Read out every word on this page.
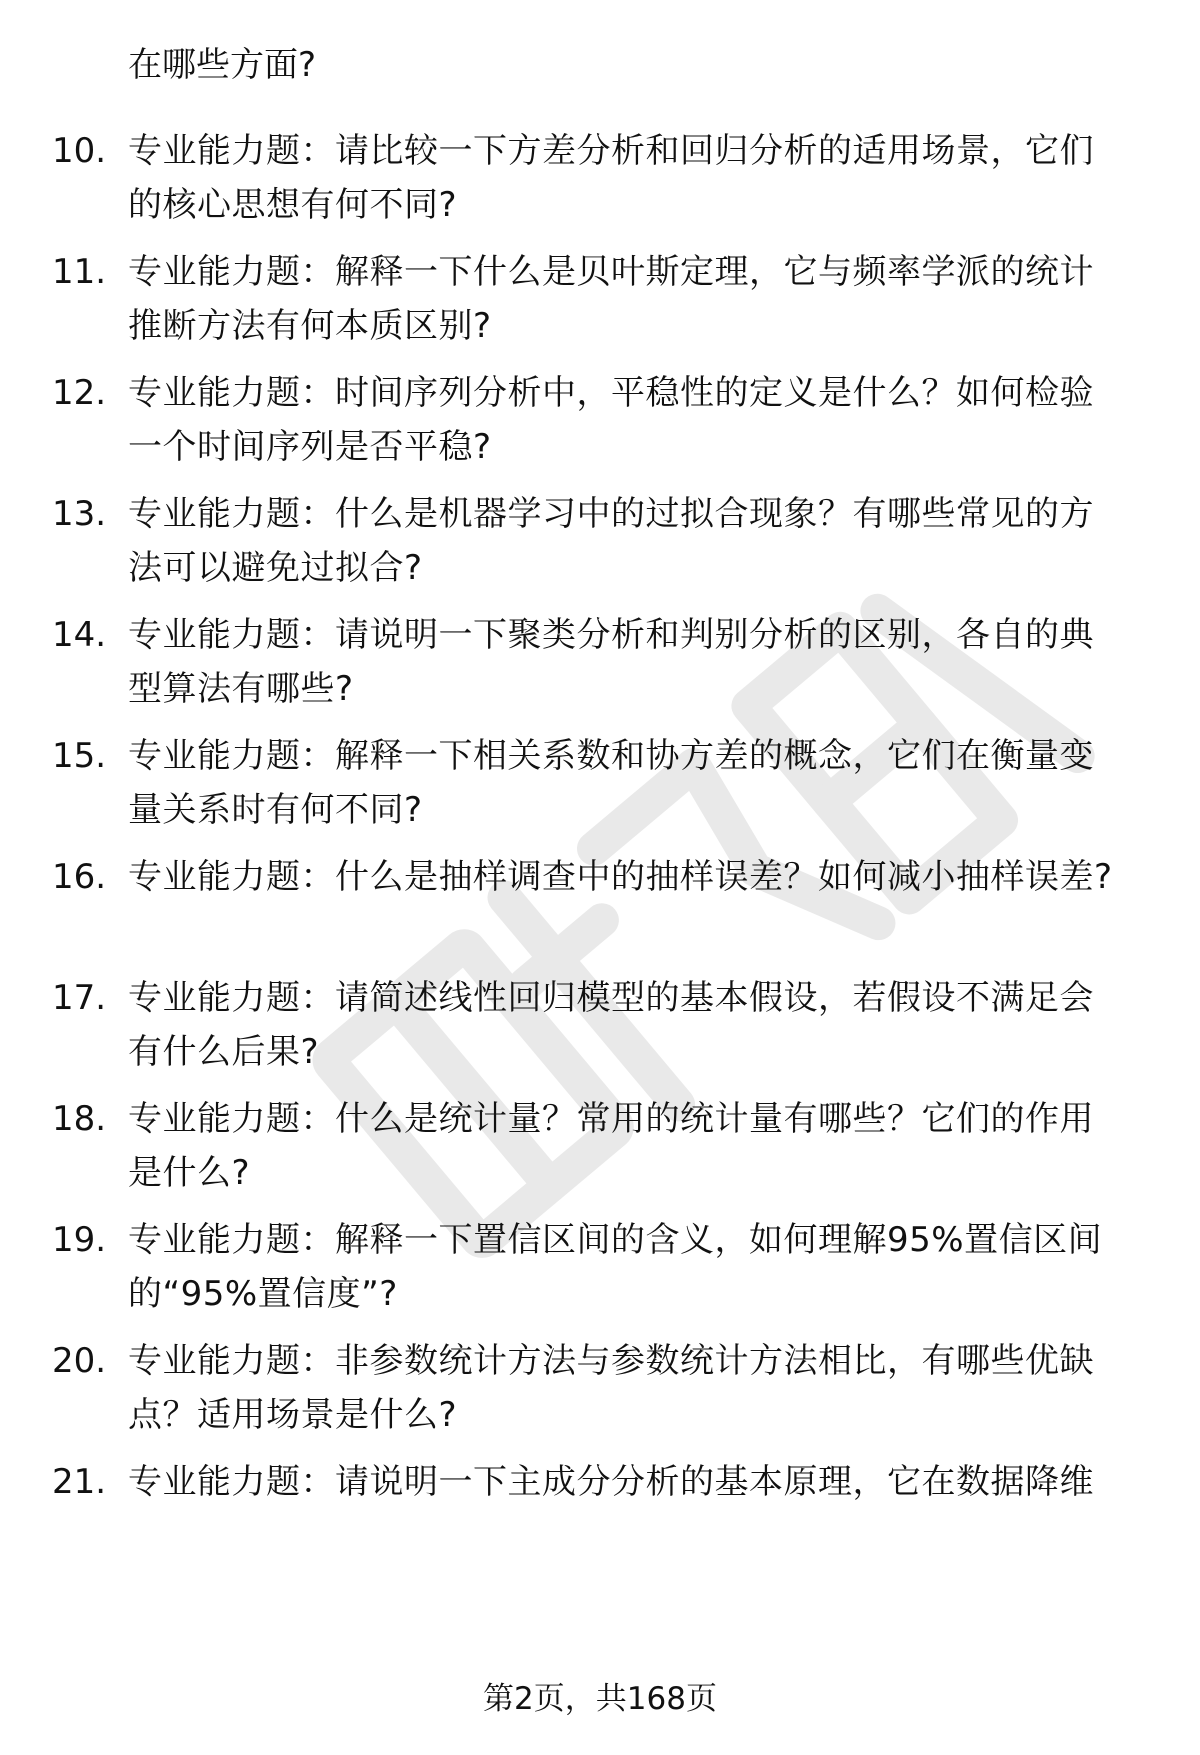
在哪些方面?
10. 专业能力题：请比较一下方差分析和回归分析的适用场景，它们的核心思想有何不同?
11. 专业能力题：解释一下什么是贝叶斯定理，它与频率学派的统计推断方法有何本质区别?
12. 专业能力题：时间序列分析中，平稳性的定义是什么？如何检验一个时间序列是否平稳?
13. 专业能力题：什么是机器学习中的过拟合现象？有哪些常见的方法可以避免过拟合?
14. 专业能力题：请说明一下聚类分析和判别分析的区别，各自的典型算法有哪些?
15. 专业能力题：解释一下相关系数和协方差的概念，它们在衡量变量关系时有何不同?
16. 专业能力题：什么是抽样调查中的抽样误差？如何减小抽样误差?
17. 专业能力题：请简述线性回归模型的基本假设，若假设不满足会有什么后果?
18. 专业能力题：什么是统计量？常用的统计量有哪些？它们的作用是什么?
19. 专业能力题：解释一下置信区间的含义，如何理解95%置信区间的“95%置信度”?
20. 专业能力题：非参数统计方法与参数统计方法相比，有哪些优缺点？适用场景是什么?
21. 专业能力题：请说明一下主成分分析的基本原理，它在数据降维
第2页，共168页
